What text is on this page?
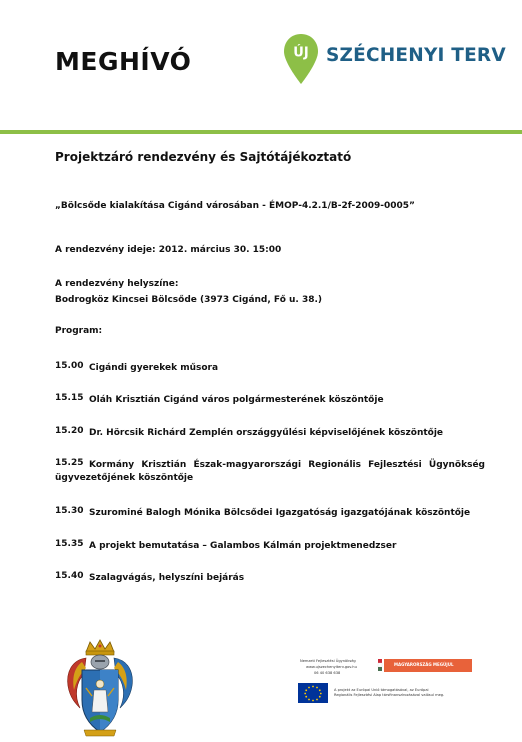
MEGHÍVÓ	ÚJ SZÉCHENYI TERV
Projektzáró rendezvény és Sajtótájékoztató
„Bölcsőde kialakítása Cigánd városában - ÉMOP-4.2.1/B-2f-2009-0005”
A rendezvény ideje: 2012. március 30. 15:00
A rendezvény helyszíne:
Bodrogköz Kincsei Bölcsőde (3973 Cigánd, Fő u. 38.)
Program:
15.00 Cigándi gyerekek műsora
15.15 Oláh Krisztián Cigánd város polgármesterének köszöntője
15.20 Dr. Hörcsik Richárd Zemplén országgyűlési képviselőjének köszöntője
15.25 Kormány Krisztián Észak-magyarországi Regionális Fejlesztési Ügynökség
ügyvezetőjének köszöntője
15.30 Szurominé Balogh Mónika Bölcsődei Igazgatóság igazgatójának köszöntője
15.35 A projekt bemutatása – Galambos Kálmán projektmenedzser
15.40 Szalagvágás, helyszíni bejárás
Nemzeti Fejlesztési Ügynökség
www.ujszechenyiterv.gov.hu
06 40 638 638
MAGYARORSZÁG MEGÚJUL
A projekt az Európai Unió támogatásával, az Európai
Regionális Fejlesztési Alap társfinanszírozásával valósul meg.
